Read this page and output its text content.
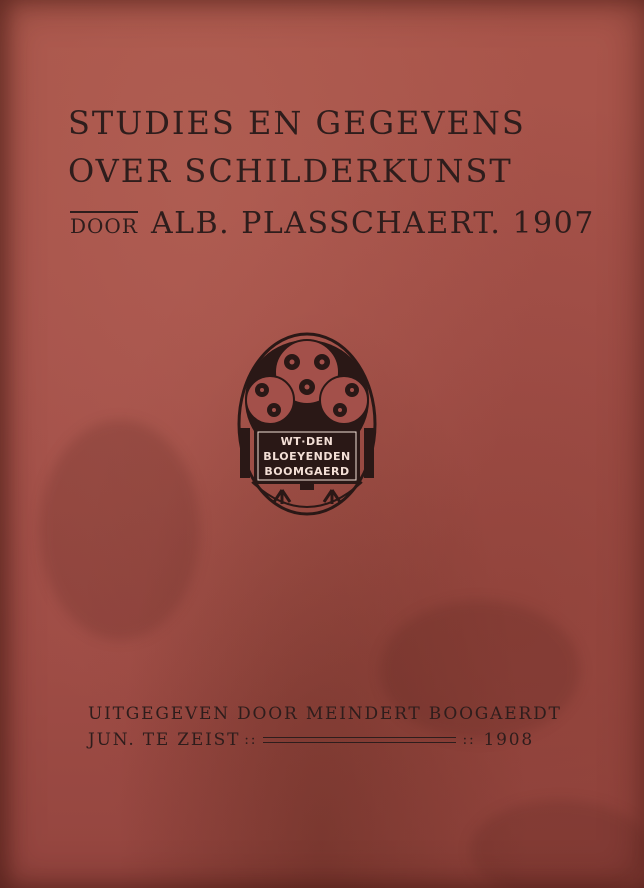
STUDIES EN GEGEVENS
OVER SCHILDERKUNST
DOOR ALB. PLASSCHAERT. 1907
WT·DEN
BLOEYENDEN
BOOMGAERD
UITGEGEVEN DOOR MEINDERT BOOGAERDT
JUN. TE ZEIST ::	:: 1908
